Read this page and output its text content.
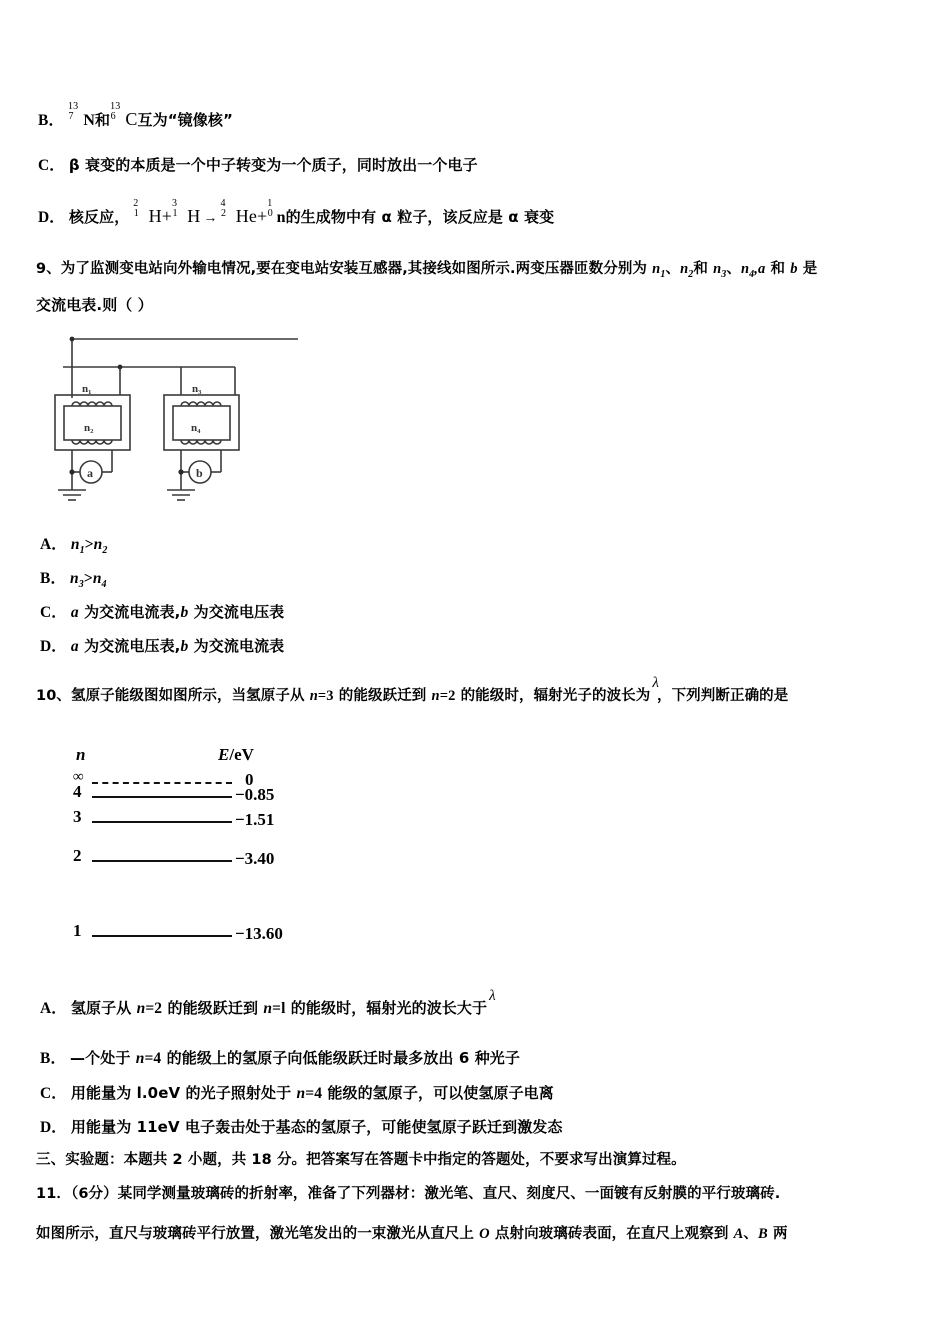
B．
13
7 N和
13
6 C互为“镜像核”
C． β 衰变的本质是一个中子转变为一个质子，同时放出一个电子
D． 核反应，
2
1 H+
3
1 H →
4
2 He+
1
0 n的生成物中有 α 粒子，该反应是 α 衰变
9、为了监测变电站向外输电情况,要在变电站安装互感器,其接线如图所示.两变压器匝数分别为 $n_1$、$n_2$和 $n_3$、$n_4,a$ 和 b 是
交流电表.则（ ）
n₁
n₂
n₃
n₄
a	b
A． $n_1>n_2$
B． $n_3>n_4$
C． a 为交流电流表,b 为交流电压表
D． a 为交流电压表,b 为交流电流表
10、氢原子能级图如图所示，当氢原子从 n=3 的能级跃迁到 n=2 的能级时，辐射光子的波长为λ，下列判断正确的是
n	E/eV
∞	0
4	−0.85
3	−1.51
2	−3.40
1	−13.60
A． 氢原子从 n=2 的能级跃迁到 n=l 的能级时，辐射光的波长大于λ
B． —个处于 n=4 的能级上的氢原子向低能级跃迁时最多放出 6 种光子
C． 用能量为 l.0eV 的光子照射处于 n=4 能级的氢原子，可以使氢原子电离
D． 用能量为 11eV 电子轰击处于基态的氢原子，可能使氢原子跃迁到激发态
三、实验题：本题共 2 小题，共 18 分。把答案写在答题卡中指定的答题处，不要求写出演算过程。
11．（6分）某同学测量玻璃砖的折射率，准备了下列器材：激光笔、直尺、刻度尺、一面镀有反射膜的平行玻璃砖.
如图所示，直尺与玻璃砖平行放置，激光笔发出的一束激光从直尺上 O 点射向玻璃砖表面，在直尺上观察到 A、B 两
